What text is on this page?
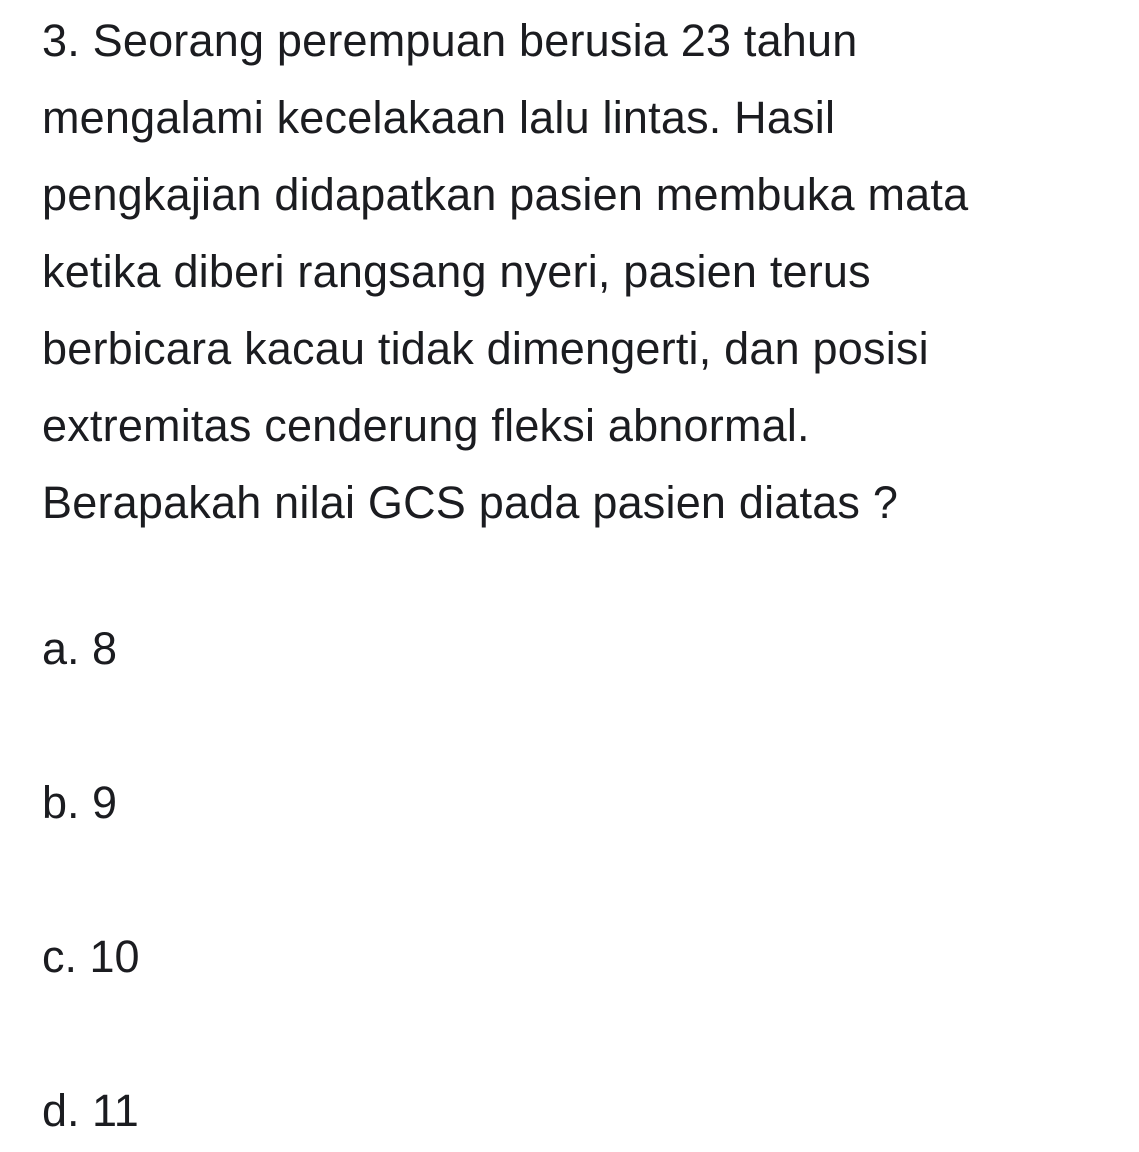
3. Seorang perempuan berusia 23 tahun
mengalami kecelakaan lalu lintas. Hasil
pengkajian didapatkan pasien membuka mata
ketika diberi rangsang nyeri, pasien terus
berbicara kacau tidak dimengerti, dan posisi
extremitas cenderung fleksi abnormal.
Berapakah nilai GCS pada pasien diatas ?
a. 8
b. 9
c. 10
d. 11
